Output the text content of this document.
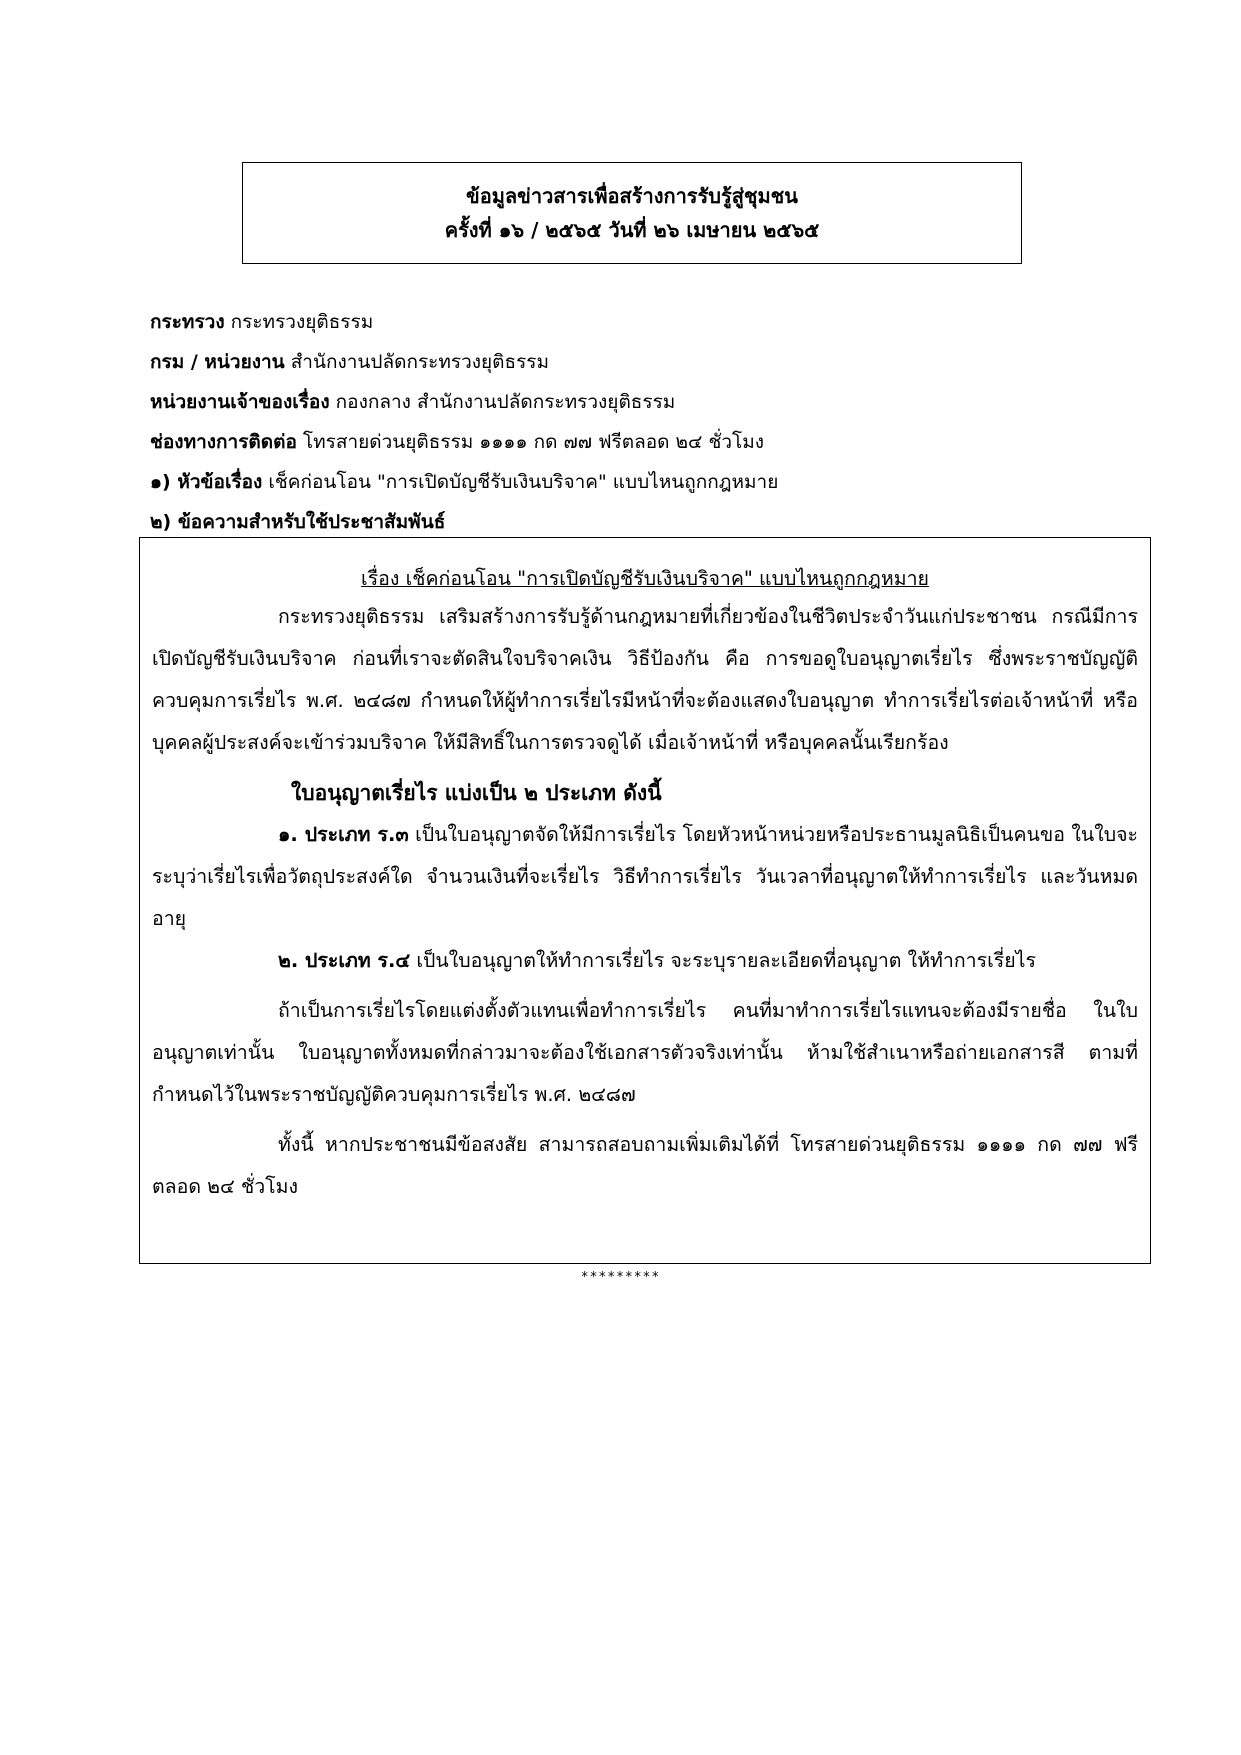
ข้อมูลข่าวสารเพื่อสร้างการรับรู้สู่ชุมชน
ครั้งที่ ๑๖ / ๒๕๖๕ วันที่ ๒๖ เมษายน ๒๕๖๕
กระทรวง กระทรวงยุติธรรม
กรม / หน่วยงาน สำนักงานปลัดกระทรวงยุติธรรม
หน่วยงานเจ้าของเรื่อง กองกลาง สำนักงานปลัดกระทรวงยุติธรรม
ช่องทางการติดต่อ โทรสายด่วนยุติธรรม ๑๑๑๑ กด ๗๗ ฟรีตลอด ๒๔ ชั่วโมง
๑) หัวข้อเรื่อง เช็คก่อนโอน "การเปิดบัญชีรับเงินบริจาค" แบบไหนถูกกฎหมาย
๒) ข้อความสำหรับใช้ประชาสัมพันธ์
เรื่อง เช็คก่อนโอน "การเปิดบัญชีรับเงินบริจาค" แบบไหนถูกกฎหมาย

กระทรวงยุติธรรม เสริมสร้างการรับรู้ด้านกฎหมายที่เกี่ยวข้องในชีวิตประจำวันแก่ประชาชน กรณีมีการเปิดบัญชีรับเงินบริจาค ก่อนที่เราจะตัดสินใจบริจาคเงิน วิธีป้องกัน คือ การขอดูใบอนุญาตเรี่ยไร ซึ่งพระราชบัญญัติควบคุมการเรี่ยไร พ.ศ. ๒๔๘๗ กำหนดให้ผู้ทำการเรี่ยไรมีหน้าที่จะต้องแสดงใบอนุญาต ทำการเรี่ยไรต่อเจ้าหน้าที่ หรือบุคคลผู้ประสงค์จะเข้าร่วมบริจาค ให้มีสิทธิ์ในการตรวจดูได้ เมื่อเจ้าหน้าที่ หรือบุคคลนั้นเรียกร้อง

ใบอนุญาตเรี่ยไร แบ่งเป็น ๒ ประเภท ดังนี้

๑. ประเภท ร.๓ เป็นใบอนุญาตจัดให้มีการเรี่ยไร โดยหัวหน้าหน่วยหรือประธานมูลนิธิเป็นคนขอ ในใบจะระบุว่าเรี่ยไรเพื่อวัตถุประสงค์ใด จำนวนเงินที่จะเรี่ยไร วิธีทำการเรี่ยไร วันเวลาที่อนุญาตให้ทำการเรี่ยไร และวันหมดอายุ

๒. ประเภท ร.๔ เป็นใบอนุญาตให้ทำการเรี่ยไร จะระบุรายละเอียดที่อนุญาต ให้ทำการเรี่ยไร

ถ้าเป็นการเรี่ยไรโดยแต่งตั้งตัวแทนเพื่อทำการเรี่ยไร คนที่มาทำการเรี่ยไรแทนจะต้องมีรายชื่อ ในใบอนุญาตเท่านั้น ใบอนุญาตทั้งหมดที่กล่าวมาจะต้องใช้เอกสารตัวจริงเท่านั้น ห้ามใช้สำเนาหรือถ่ายเอกสารสี ตามที่กำหนดไว้ในพระราชบัญญัติควบคุมการเรี่ยไร พ.ศ. ๒๔๘๗

ทั้งนี้ หากประชาชนมีข้อสงสัย สามารถสอบถามเพิ่มเติมได้ที่ โทรสายด่วนยุติธรรม ๑๑๑๑ กด ๗๗ ฟรีตลอด ๒๔ ชั่วโมง

*********
